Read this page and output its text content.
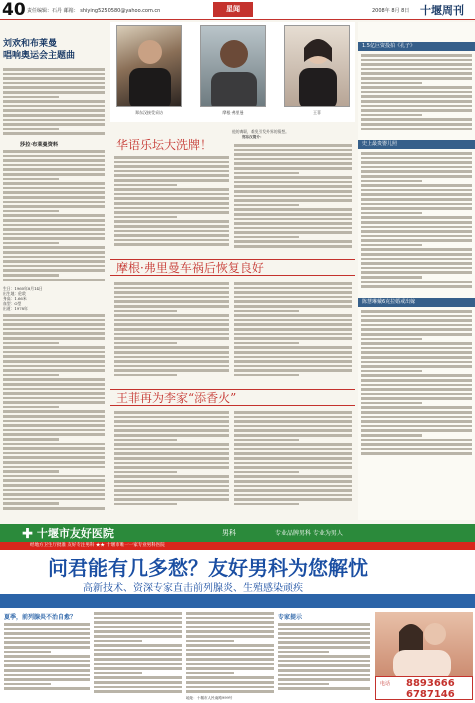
40 责任编辑：石丹 邮箱： shiying5250580@yahoo.com.cn	星闻	2008年 8月 8日 十堰周刊
刘欢和布莱曼
唱响奥运会主题曲
莎拉·布莱曼资料
生日：1960年8月14日
出生地：伦敦
身高：1.66米
血型：O型
出道：1978年
郑东汉接受采访	摩根·弗里曼	王菲
他的离职，难免引发外界的猜想。
郑东汉简介：
华语乐坛大洗牌！
摩根·弗里曼车祸后恢复良好
王菲再为李家“添香火”
1.5亿巨资投拍《孔子》
史上最贵婴儿照
陈慧琳戴6克拉婚戒出嫁
✚ 十堰市友好医院	男科	专业品牌男科 专业为男人
经地方卫生厅批准 友好专注男科 ★★ 十堰市唯一一家专业男科医院
问君能有几多愁？友好男科为您解忧
高新技术、资深专家直击前列腺炎、生殖感染顽疾
夏季，前列腺炎不治自愈？	专家提示
电话 8893666
6787146
地址：十堰市人民南路999号
